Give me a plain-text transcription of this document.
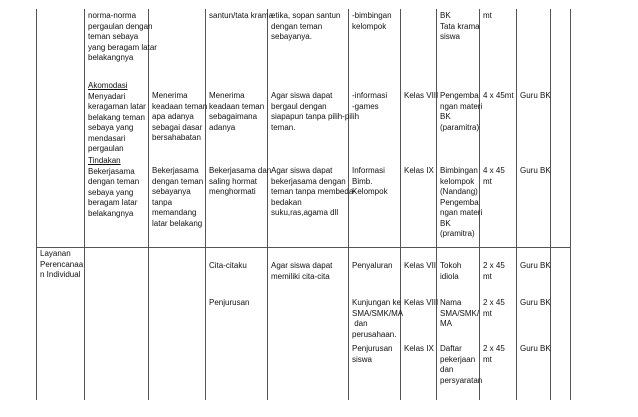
norma-norma
pergaulan dengan
teman sebaya
yang beragam latar
belakangnya
Akomodasi
Menyadari
keragaman latar
belakang teman
sebaya yang
mendasari
pergaulan
Tindakan
Bekerjasama
dengan teman
sebaya yang
beragam latar
belakangnya
Menerima
keadaan teman
apa adanya
sebagai dasar
bersahabatan
Bekerjasama
dengan teman
sebayanya
tanpa
memandang
latar belakang
santun/tata krama
Menerima
keadaan teman
sebagaimana
adanya
Bekerjasama dan
saling hormat
menghormati
etika, sopan santun
dengan teman
sebayanya.
Agar siswa dapat
bergaul dengan
siapapun tanpa pilih-pilih
teman.
Agar siswa dapat
bekerjasama dengan
teman tanpa membeda-
bedakan
suku,ras,agama dll
-bimbingan
kelompok
-informasi
-games
Informasi
Bimb.
Kelompok
Kelas VIII
Kelas IX
BK
Tata krama
siswa
Pengemba
ngan materi
BK
(paramitra)
Bimbingan
kelompok
(Nandang)
Pengemba
ngan materi
BK
(pramitra)
mt
4 x 45mt
4 x 45
mt
Guru BK
Guru BK
Layanan
Perencanaa
n Individual
Cita-citaku	Agar siswa dapat
memiliki cita-cita
Penyaluran Kelas VII Tokoh
idiola
2 x 45
mt
Guru BK
Penjurusan	Kunjungan ke
SMA/SMK/MA
dan
perusahaan.
Kelas VIII Nama
SMA/SMK/
MA
2 x 45
mt
Guru BK
Penjurusan
siswa
Kelas IX Daftar
pekerjaan
dan
persyaratan
2 x 45
mt
Guru BK
